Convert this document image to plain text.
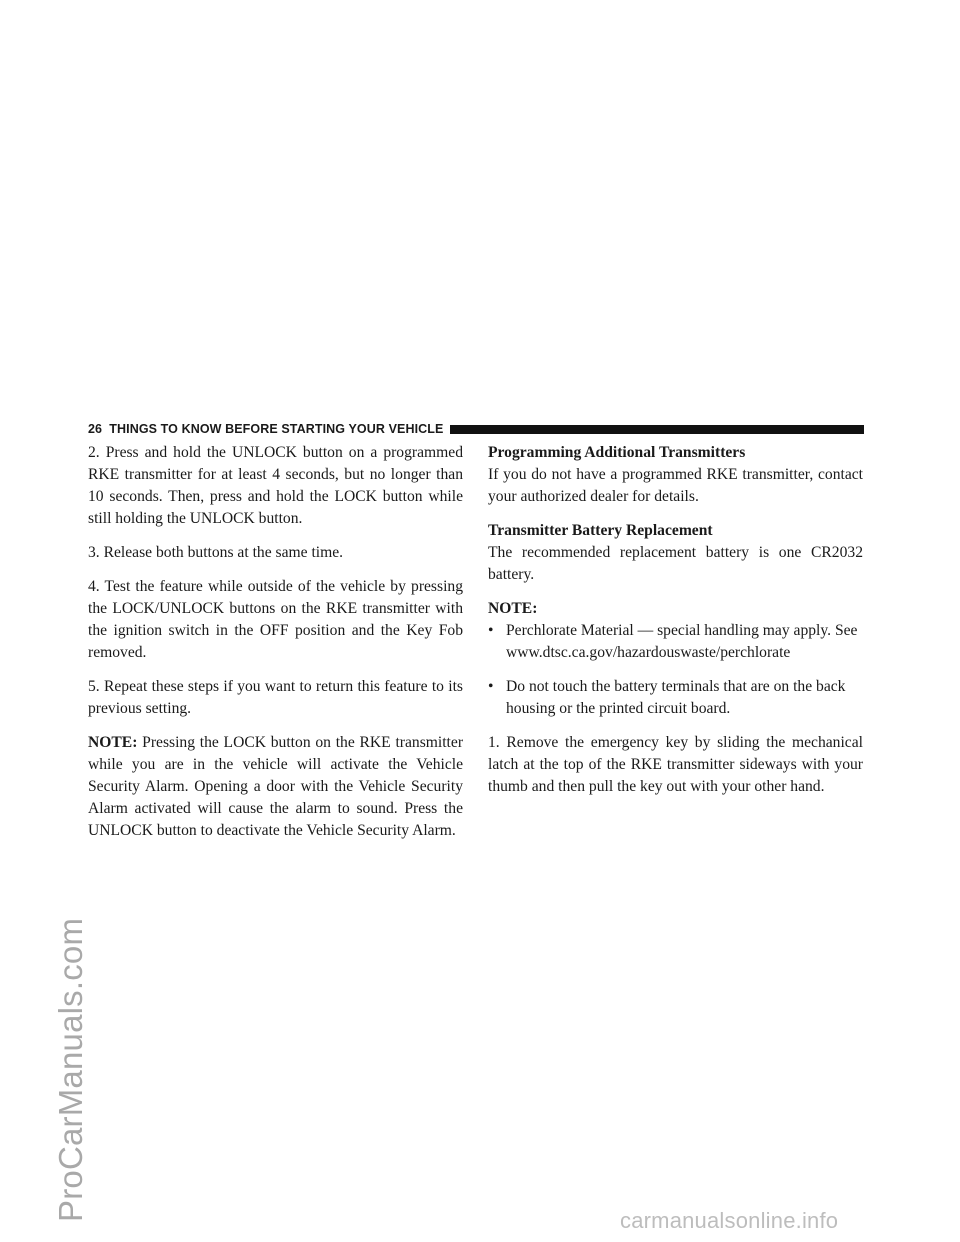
ProCarManuals.com
26 THINGS TO KNOW BEFORE STARTING YOUR VEHICLE

2. Press and hold the UNLOCK button on a programmed RKE transmitter for at least 4 seconds, but no longer than 10 seconds. Then, press and hold the LOCK button while still holding the UNLOCK button.

3. Release both buttons at the same time.

4. Test the feature while outside of the vehicle by pressing the LOCK/UNLOCK buttons on the RKE transmitter with the ignition switch in the OFF position and the Key Fob removed.

5. Repeat these steps if you want to return this feature to its previous setting.

NOTE: Pressing the LOCK button on the RKE transmitter while you are in the vehicle will activate the Vehicle Security Alarm. Opening a door with the Vehicle Security Alarm activated will cause the alarm to sound. Press the UNLOCK button to deactivate the Vehicle Security Alarm.

Programming Additional Transmitters

If you do not have a programmed RKE transmitter, contact your authorized dealer for details.

Transmitter Battery Replacement

The recommended replacement battery is one CR2032 battery.

NOTE:

• Perchlorate Material — special handling may apply. See www.dtsc.ca.gov/hazardouswaste/perchlorate
• Do not touch the battery terminals that are on the back housing or the printed circuit board.

1. Remove the emergency key by sliding the mechanical latch at the top of the RKE transmitter sideways with your thumb and then pull the key out with your other hand.

carmanualsonline.info
